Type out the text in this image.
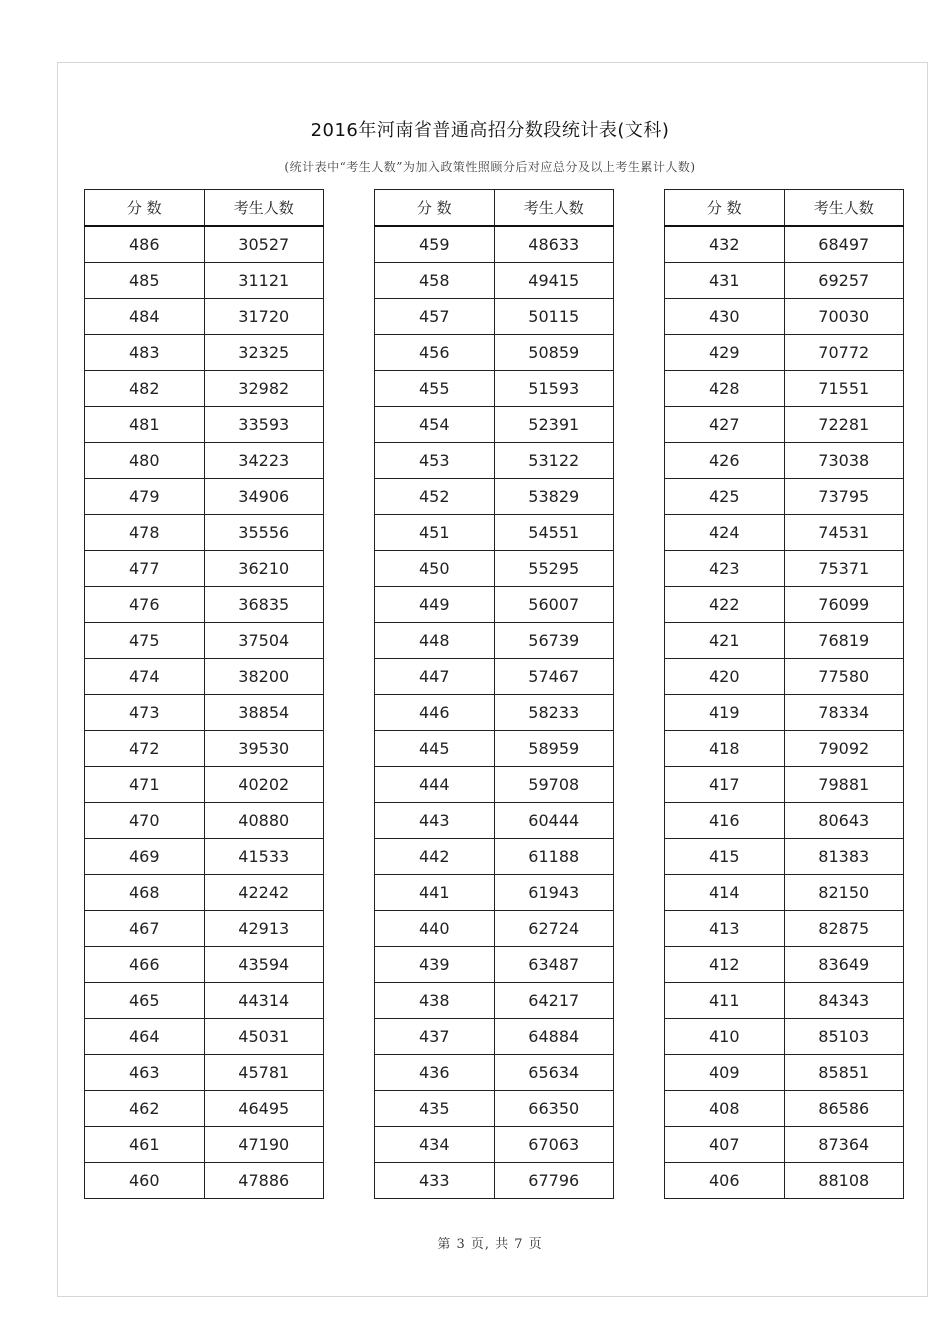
2016年河南省普通高招分数段统计表(文科)
(统计表中“考生人数”为加入政策性照顾分后对应总分及以上考生累计人数)
分 数	考生人数
486	30527
485	31121
484	31720
483	32325
482	32982
481	33593
480	34223
479	34906
478	35556
477	36210
476	36835
475	37504
474	38200
473	38854
472	39530
471	40202
470	40880
469	41533
468	42242
467	42913
466	43594
465	44314
464	45031
463	45781
462	46495
461	47190
460	47886
分 数	考生人数
459	48633
458	49415
457	50115
456	50859
455	51593
454	52391
453	53122
452	53829
451	54551
450	55295
449	56007
448	56739
447	57467
446	58233
445	58959
444	59708
443	60444
442	61188
441	61943
440	62724
439	63487
438	64217
437	64884
436	65634
435	66350
434	67063
433	67796
分 数	考生人数
432	68497
431	69257
430	70030
429	70772
428	71551
427	72281
426	73038
425	73795
424	74531
423	75371
422	76099
421	76819
420	77580
419	78334
418	79092
417	79881
416	80643
415	81383
414	82150
413	82875
412	83649
411	84343
410	85103
409	85851
408	86586
407	87364
406	88108
第 3 页, 共 7 页
